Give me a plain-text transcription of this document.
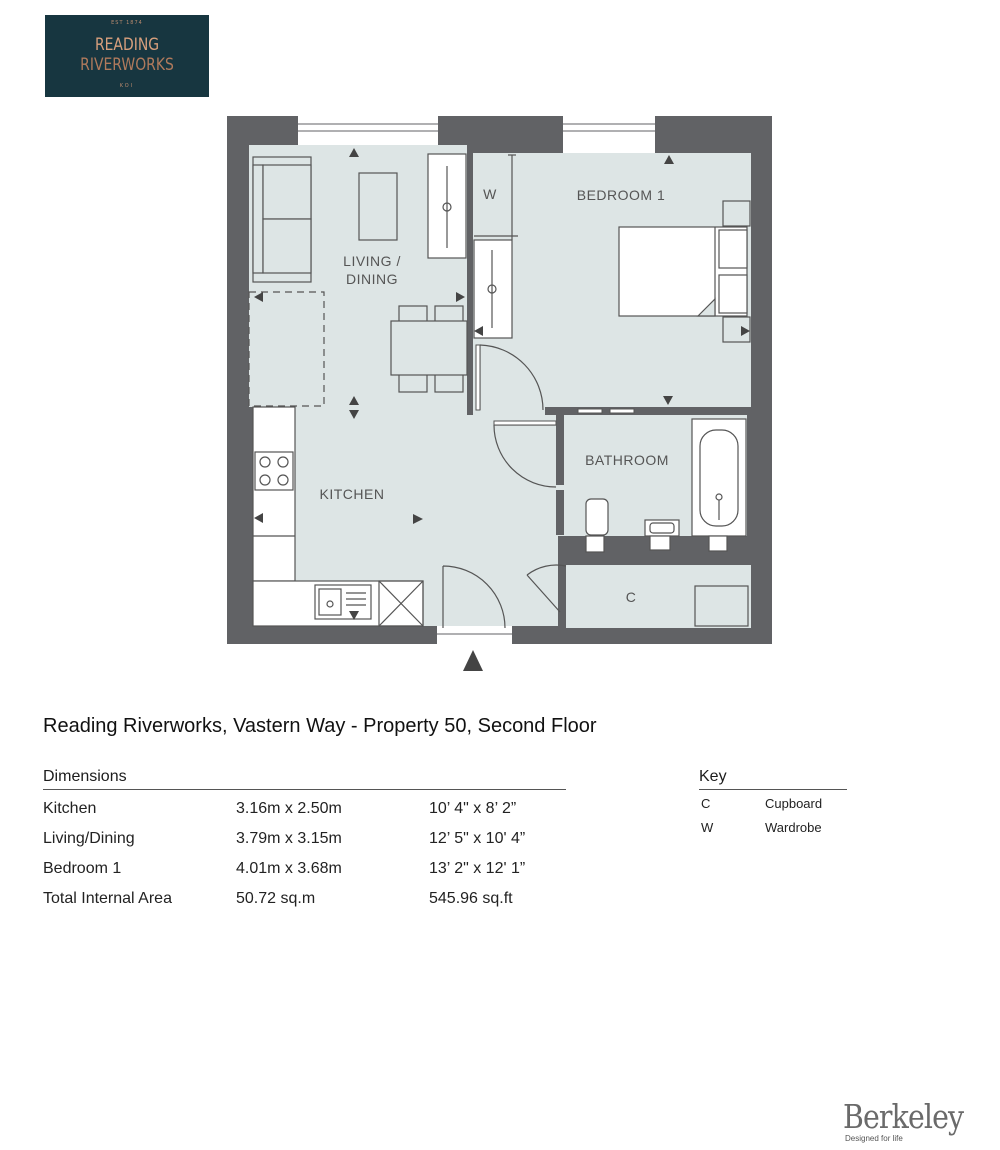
EST 1874
READING
RIVERWORKS
KOI
LIVING /
DINING
BEDROOM 1
BATHROOM
KITCHEN
W
C
Reading Riverworks, Vastern Way - Property 50, Second Floor
Dimensions
Kitchen	3.16m x 2.50m	10’ 4" x 8’ 2”
Living/Dining	3.79m x 3.15m	12’ 5" x 10' 4”
Bedroom 1	4.01m x 3.68m	13’ 2" x 12' 1”
Total Internal Area	50.72 sq.m	545.96 sq.ft
Key
C	Cupboard
W	Wardrobe
Berkeley
Designed for life
